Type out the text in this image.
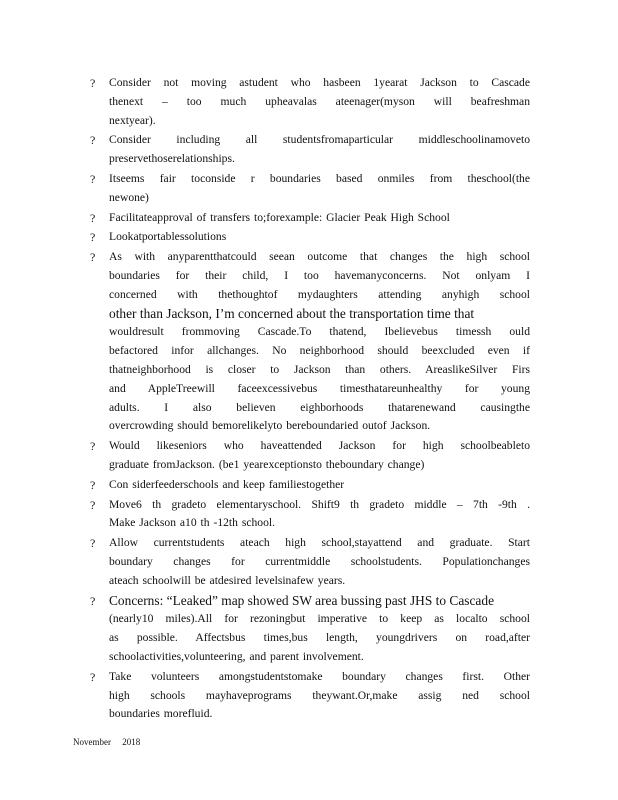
?	Consider not moving astudent who hasbeen 1yearat Jackson to Cascade
thenext – too much upheavalas ateenager(myson will beafreshman
nextyear).
?	Consider including all studentsfromaparticular middleschoolinamoveto
preservethoserelationships.
?	Itseems fair toconside r boundaries based onmiles from theschool(the
newone)
?	Facilitateapproval of transfers to;forexample: Glacier Peak High School
?	Lookatportablessolutions
?	As with anyparentthatcould seean outcome that changes the high school
boundaries for their child, I too havemanyconcerns. Not onlyam I
concerned with thethoughtof mydaughters attending anyhigh school
other than Jackson, I’m concerned about the transportation time that
wouldresult frommoving Cascade.To thatend, Ibelievebus timessh ould
befactored infor allchanges. No neighborhood should beexcluded even if
thatneighborhood is closer to Jackson than others. AreaslikeSilver Firs
and AppleTreewill faceexcessivebus timesthatareunhealthy for young
adults. I also believen eighborhoods thatarenewand causingthe
overcrowding should bemorelikelyto bereboundaried outof Jackson.
?	Would likeseniors who haveattended Jackson for high schoolbeableto
graduate fromJackson. (be1 yearexceptionsto theboundary change)
?	Con siderfeederschools and keep familiestogether
?	Move6 th gradeto elementaryschool. Shift9 th gradeto middle – 7th -9th .
Make Jackson a10 th -12th school.
?	Allow currentstudents ateach high school,stayattend and graduate. Start
boundary changes for currentmiddle schoolstudents. Populationchanges
ateach schoolwill be atdesired levelsinafew years.
?	Concerns: “Leaked” map showed SW area bussing past JHS to Cascade
(nearly10 miles).All for rezoningbut imperative to keep as localto school
as possible. Affectsbus times,bus length, youngdrivers on road,after
schoolactivities,volunteering, and parent involvement.
?	Take volunteers amongstudentstomake boundary changes first. Other
high schools mayhaveprograms theywant.Or,make assig ned school
boundaries morefluid.
November 2018
